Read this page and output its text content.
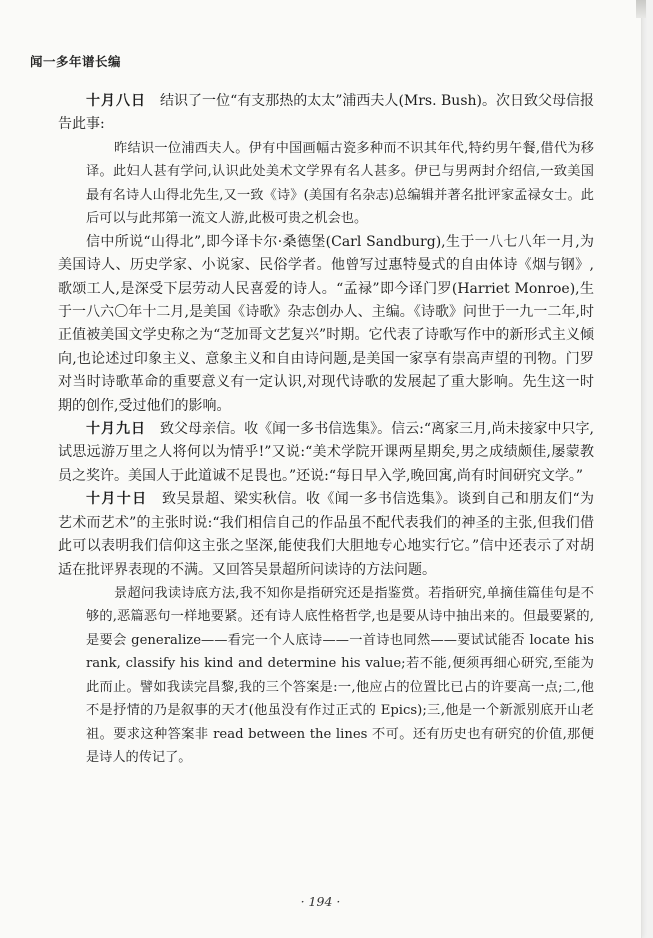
闻一多年谱长编

十月八日　 结识了一位“有支那热的太太”浦西夫人(Mrs. Bush)。次日致父母信报告此事:

昨结识一位浦西夫人。伊有中国画幅古瓷多种而不识其年代,特约男午餐,借代为移译。此妇人甚有学问,认识此处美术文学界有名人甚多。伊已与男两封介绍信,一致美国最有名诗人山得北先生,又一致《诗》(美国有名杂志)总编辑并著名批评家孟禄女士。此后可以与此邦第一流文人游,此极可贵之机会也。

信中所说“山得北”,即今译卡尔·桑德堡(Carl Sandburg),生于一八七八年一月,为美国诗人、历史学家、小说家、民俗学者。他曾写过惠特曼式的自由体诗《烟与钢》,歌颂工人,是深受下层劳动人民喜爱的诗人。“孟禄”即今译门罗(Harriet Monroe),生于一八六〇年十二月,是美国《诗歌》杂志创办人、主编。《诗歌》问世于一九一二年,时正值被美国文学史称之为“芝加哥文艺复兴”时期。它代表了诗歌写作中的新形式主义倾向,也论述过印象主义、意象主义和自由诗问题,是美国一家享有崇高声望的刊物。门罗对当时诗歌革命的重要意义有一定认识,对现代诗歌的发展起了重大影响。先生这一时期的创作,受过他们的影响。

十月九日　 致父母亲信。收《闻一多书信选集》。信云:“离家三月,尚未接家中只字,试思远游万里之人将何以为情乎!”又说:“美术学院开课两星期矣,男之成绩颇佳,屡蒙教员之奖许。美国人于此道诚不足畏也。”还说:“每日早入学,晚回寓,尚有时间研究文学。”

十月十日　 致吴景超、梁实秋信。收《闻一多书信选集》。谈到自己和朋友们“为艺术而艺术”的主张时说:“我们相信自己的作品虽不配代表我们的神圣的主张,但我们借此可以表明我们信仰这主张之坚深,能使我们大胆地专心地实行它。”信中还表示了对胡适在批评界表现的不满。又回答吴景超所问读诗的方法问题。

景超问我读诗底方法,我不知你是指研究还是指鉴赏。若指研究,单摘佳篇佳句是不够的,恶篇恶句一样地要紧。还有诗人底性格哲学,也是要从诗中抽出来的。但最要紧的,是要会 generalize——看完一个人底诗——一首诗也同然——要试试能否 locate his rank, classify his kind and determine his value;若不能,便须再细心研究,至能为此而止。譬如我读完昌黎,我的三个答案是:一,他应占的位置比已占的许要高一点;二,他不是抒情的乃是叙事的天才(他虽没有作过正式的 Epics);三,他是一个新派别底开山老祖。要求这种答案非 read between the lines 不可。还有历史也有研究的价值,那便是诗人的传记了。

· 194 ·
